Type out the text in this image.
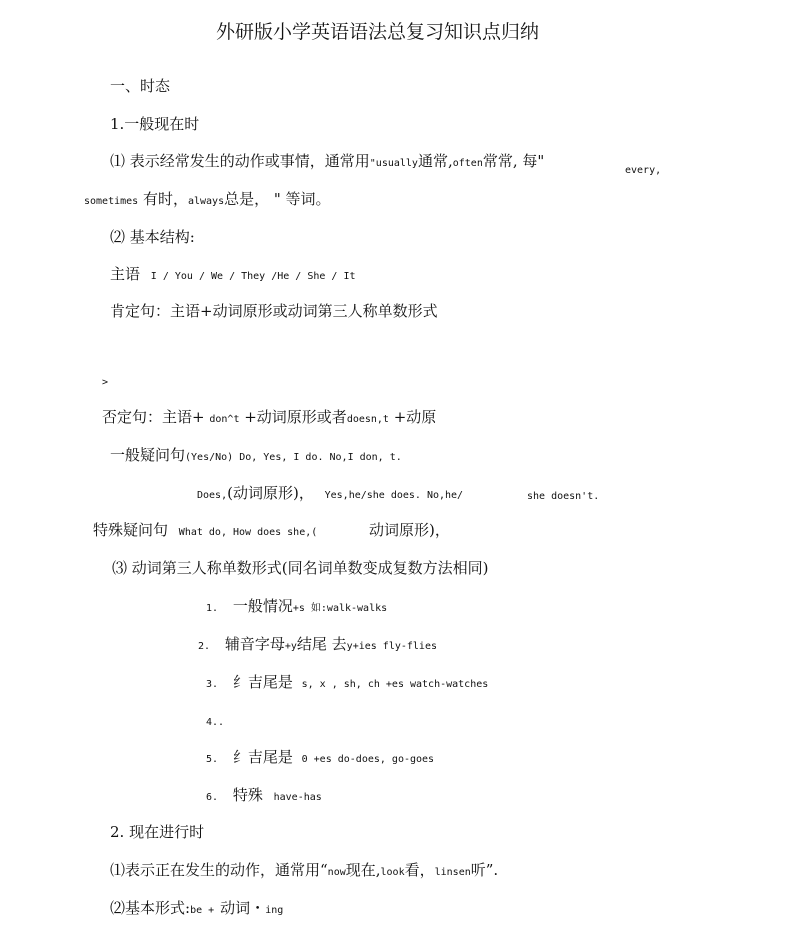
外研版小学英语语法总复习知识点归纳
一、时态
1.一般现在时
⑴ 表示经常发生的动作或事情，通常用"usually通常,often常常, 每"
every,
sometimes 有时，always总是， " 等词。
⑵ 基本结构:
主语 I / You / We / They /He / She / It
肯定句：主语+动词原形或动词第三人称单数形式
>
否定句：主语+ don^t +动词原形或者doesn,t +动原
一般疑问句(Yes/No) Do, Yes, I do. No,I don, t.
Does,(动词原形)， Yes,he/she does. No,he/	she doesn't.
特殊疑问句 What do, How does she,(	动词原形)，
⑶ 动词第三人称单数形式(同名词单数变成复数方法相同)
1. 一般情况+s 如:walk-walks
2. 辅音字母+y结尾 去y+ies fly-flies
3. 纟吉尾是 s, x , sh, ch +es watch-watches
4..
5. 纟吉尾是 0 +es do-does, go-goes
6. 特殊 have-has
2. 现在进行时
⑴表示正在发生的动作，通常用“now现在,look看，linsen听”.
⑵基本形式:be + 动词・ing
